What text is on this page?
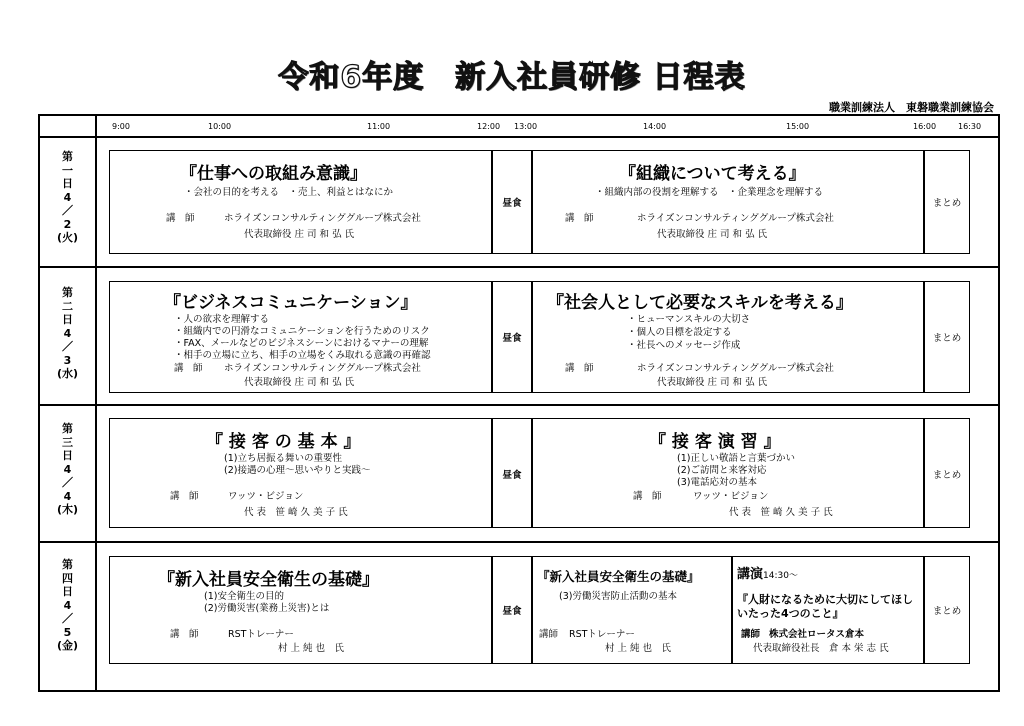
令和6年度　新入社員研修 日程表
職業訓練法人　東磐職業訓練協会
9:00	10:00	11:00	12:00 13:00	14:00	15:00	16:00	16:30
第
一
日
4
／
2
(火)
『仕事への取組み意識』
・会社の目的を考える　・売上、利益とはなにか
講　師	ホライズンコンサルティンググループ株式会社
代表取締役 庄 司 和 弘 氏
昼食
『組織について考える』
・組織内部の役割を理解する　・企業理念を理解する
講　師	ホライズンコンサルティンググループ株式会社
代表取締役 庄 司 和 弘 氏
まとめ
第
二
日
4
／
3
(水)
『ビジネスコミュニケーション』
・人の欲求を理解する
・組織内での円滑なコミュニケーションを行うためのリスク
・FAX、メールなどのビジネスシーンにおけるマナーの理解
・相手の立場に立ち、相手の立場をくみ取れる意識の再確認
講　師 ホライズンコンサルティンググループ株式会社
代表取締役 庄 司 和 弘 氏
昼食
『社会人として必要なスキルを考える』
・ヒューマンスキルの大切さ
・個人の目標を設定する
・社長へのメッセージ作成
講　師	ホライズンコンサルティンググループ株式会社
代表取締役 庄 司 和 弘 氏
まとめ
第
三
日
4
／
4
(木)
『 接 客 の 基 本 』
(1)立ち居振る舞いの重要性
(2)接遇の心理～思いやりと実践～
講　師	ワッツ・ビジョン
代 表　笹 崎 久 美 子 氏
昼食
『 接 客 演 習 』
(1)正しい敬語と言葉づかい
(2)ご訪問と来客対応
(3)電話応対の基本
講　師	ワッツ・ビジョン
代 表　笹 崎 久 美 子 氏
まとめ
第
四
日
4
／
5
(金)
『新入社員安全衛生の基礎』
(1)安全衛生の目的
(2)労働災害(業務上災害)とは
講　師	RSTトレーナー
村 上 純 也　氏
昼食
『新入社員安全衛生の基礎』
(3)労働災害防止活動の基本
講師 RSTトレーナー
村 上 純 也　氏
講演14:30～
『人財になるために大切にしてほし
いたった4つのこと』
講師 株式会社ロータス倉本
代表取締役社長　倉 本 栄 志 氏
まとめ
